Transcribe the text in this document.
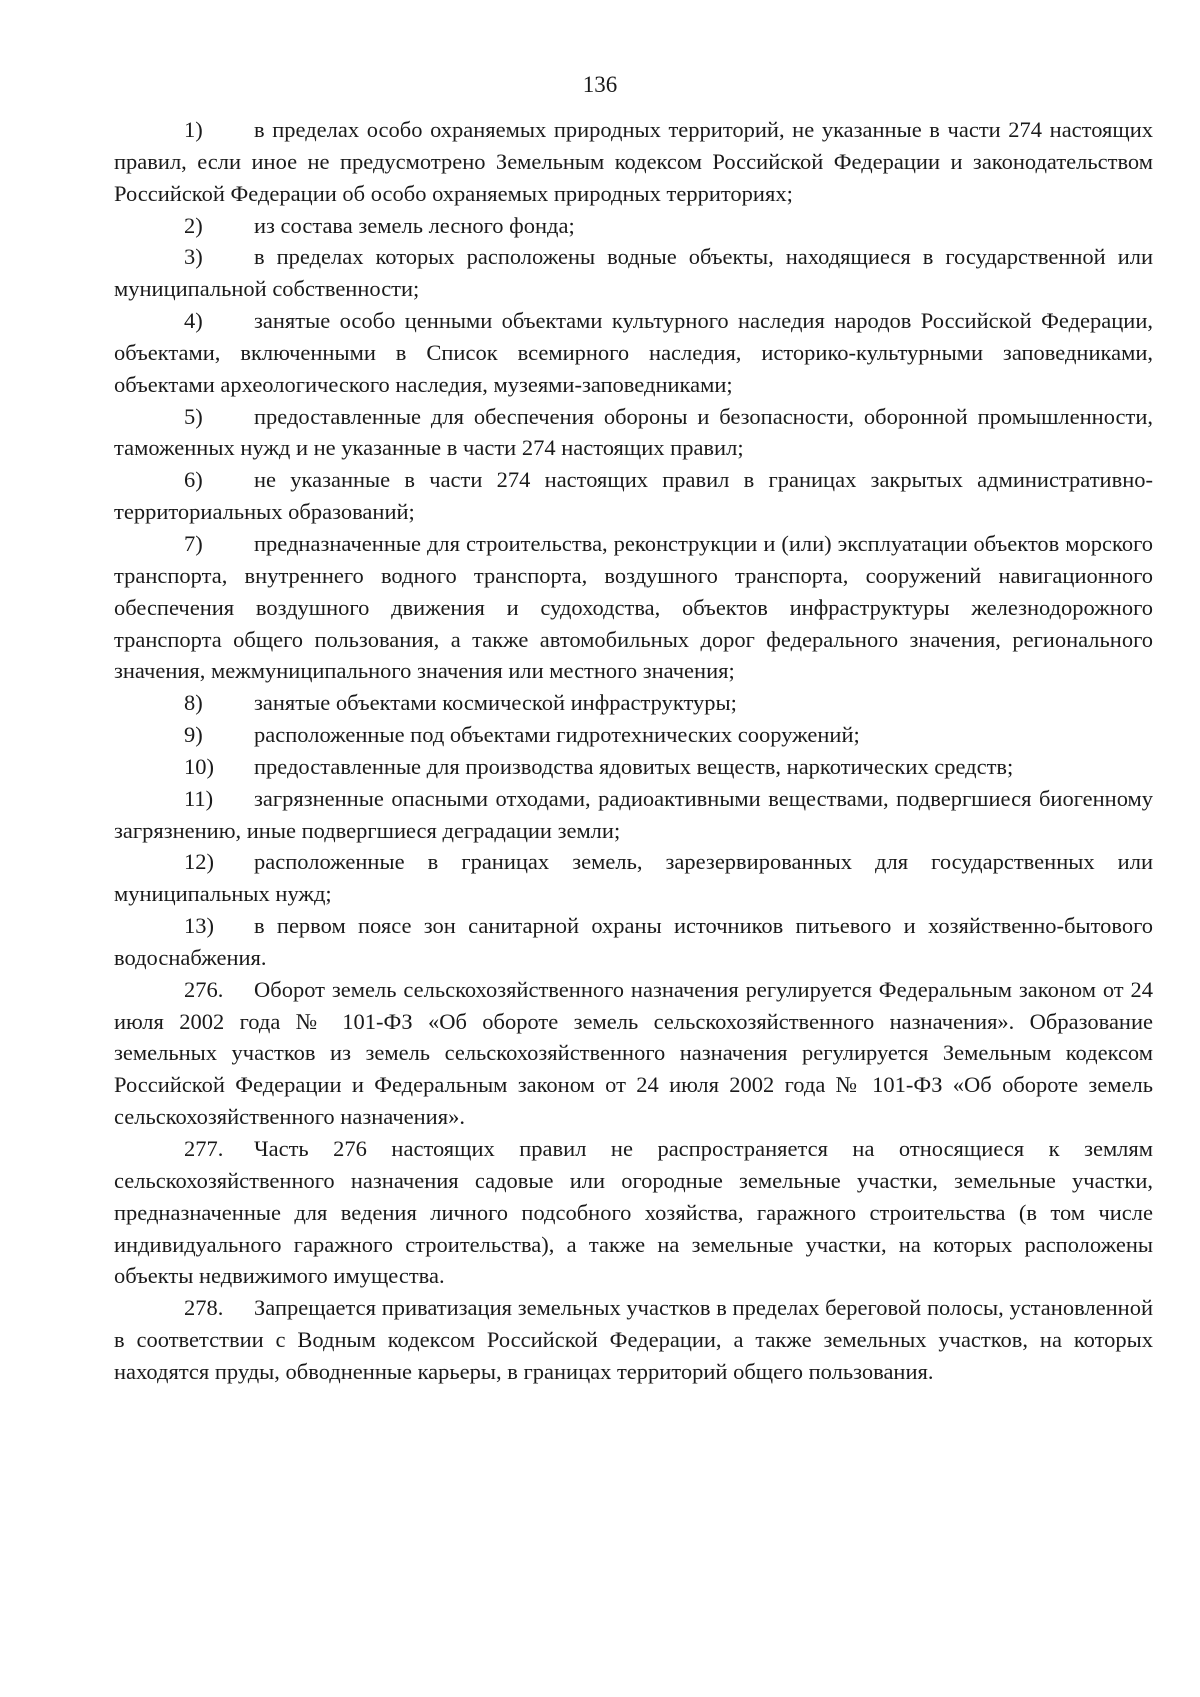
136

1) в пределах особо охраняемых природных территорий, не указанные в части 274 настоящих правил, если иное не предусмотрено Земельным кодексом Российской Федерации и законодательством Российской Федерации об особо охраняемых природных территориях;

2) из состава земель лесного фонда;

3) в пределах которых расположены водные объекты, находящиеся в государственной или муниципальной собственности;

4) занятые особо ценными объектами культурного наследия народов Российской Федерации, объектами, включенными в Список всемирного наследия, историко-культурными заповедниками, объектами археологического наследия, музеями-заповедниками;

5) предоставленные для обеспечения обороны и безопасности, оборонной промышленности, таможенных нужд и не указанные в части 274 настоящих правил;

6) не указанные в части 274 настоящих правил в границах закрытых административно-территориальных образований;

7) предназначенные для строительства, реконструкции и (или) эксплуатации объектов морского транспорта, внутреннего водного транспорта, воздушного транспорта, сооружений навигационного обеспечения воздушного движения и судоходства, объектов инфраструктуры железнодорожного транспорта общего пользования, а также автомобильных дорог федерального значения, регионального значения, межмуниципального значения или местного значения;

8) занятые объектами космической инфраструктуры;

9) расположенные под объектами гидротехнических сооружений;

10) предоставленные для производства ядовитых веществ, наркотических средств;

11) загрязненные опасными отходами, радиоактивными веществами, подвергшиеся биогенному загрязнению, иные подвергшиеся деградации земли;

12) расположенные в границах земель, зарезервированных для государственных или муниципальных нужд;

13) в первом поясе зон санитарной охраны источников питьевого и хозяйственно-бытового водоснабжения.

276. Оборот земель сельскохозяйственного назначения регулируется Федеральным законом от 24 июля 2002 года № 101-ФЗ «Об обороте земель сельскохозяйственного назначения». Образование земельных участков из земель сельскохозяйственного назначения регулируется Земельным кодексом Российской Федерации и Федеральным законом от 24 июля 2002 года № 101-ФЗ «Об обороте земель сельскохозяйственного назначения».

277. Часть 276 настоящих правил не распространяется на относящиеся к землям сельскохозяйственного назначения садовые или огородные земельные участки, земельные участки, предназначенные для ведения личного подсобного хозяйства, гаражного строительства (в том числе индивидуального гаражного строительства), а также на земельные участки, на которых расположены объекты недвижимого имущества.

278. Запрещается приватизация земельных участков в пределах береговой полосы, установленной в соответствии с Водным кодексом Российской Федерации, а также земельных участков, на которых находятся пруды, обводненные карьеры, в границах территорий общего пользования.
